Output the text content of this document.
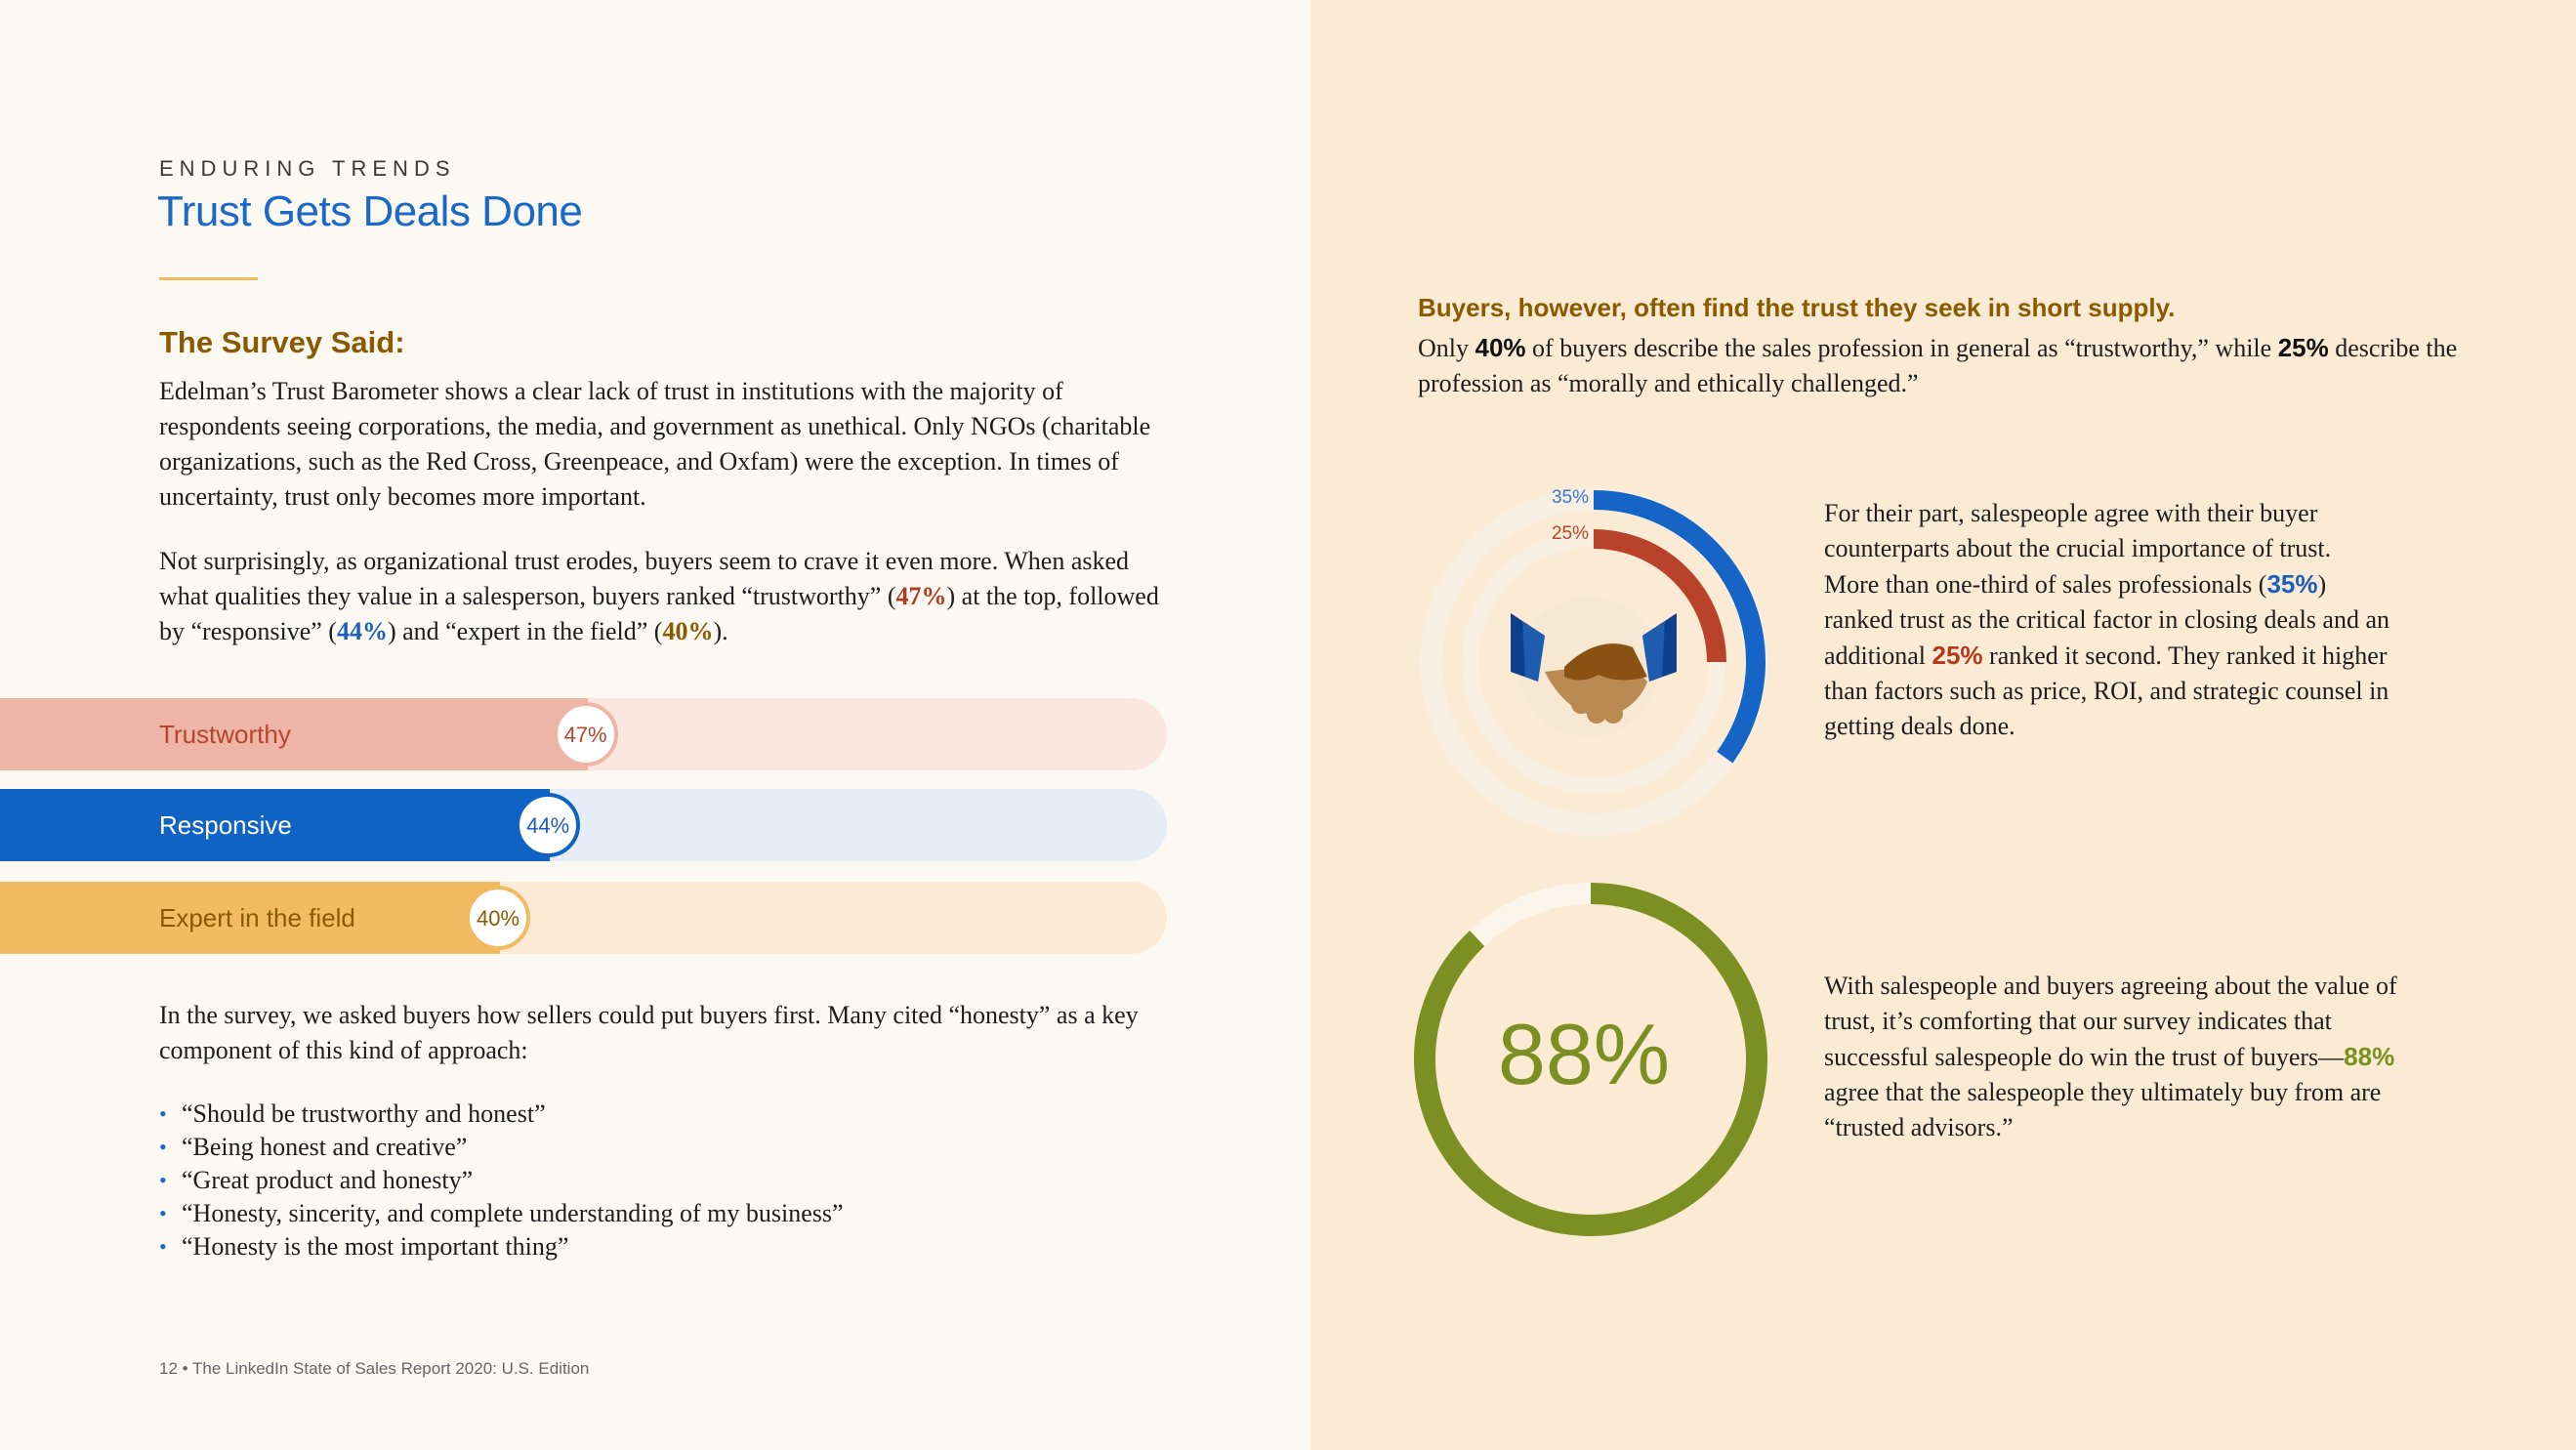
ENDURING TRENDS
Trust Gets Deals Done
The Survey Said:
Edelman’s Trust Barometer shows a clear lack of trust in institutions with the majority of respondents seeing corporations, the media, and government as unethical. Only NGOs (charitable organizations, such as the Red Cross, Greenpeace, and Oxfam) were the exception. In times of uncertainty, trust only becomes more important.
Not surprisingly, as organizational trust erodes, buyers seem to crave it even more. When asked what qualities they value in a salesperson, buyers ranked “trustworthy” (47%) at the top, followed by “responsive” (44%) and “expert in the field” (40%).
Trustworthy	47%
Responsive	44%
Expert in the field	40%
In the survey, we asked buyers how sellers could put buyers first. Many cited “honesty” as a key component of this kind of approach:
• “Should be trustworthy and honest”
• “Being honest and creative”
• “Great product and honesty”
• “Honesty, sincerity, and complete understanding of my business”
• “Honesty is the most important thing”
12 • The LinkedIn State of Sales Report 2020: U.S. Edition
Buyers, however, often find the trust they seek in short supply.
Only 40% of buyers describe the sales profession in general as “trustworthy,” while 25% describe the profession as “morally and ethically challenged.”
35%
25%
For their part, salespeople agree with their buyer counterparts about the crucial importance of trust. More than one-third of sales professionals (35%) ranked trust as the critical factor in closing deals and an additional 25% ranked it second. They ranked it higher than factors such as price, ROI, and strategic counsel in getting deals done.
88%
With salespeople and buyers agreeing about the value of trust, it’s comforting that our survey indicates that successful salespeople do win the trust of buyers—88% agree that the salespeople they ultimately buy from are “trusted advisors.”
